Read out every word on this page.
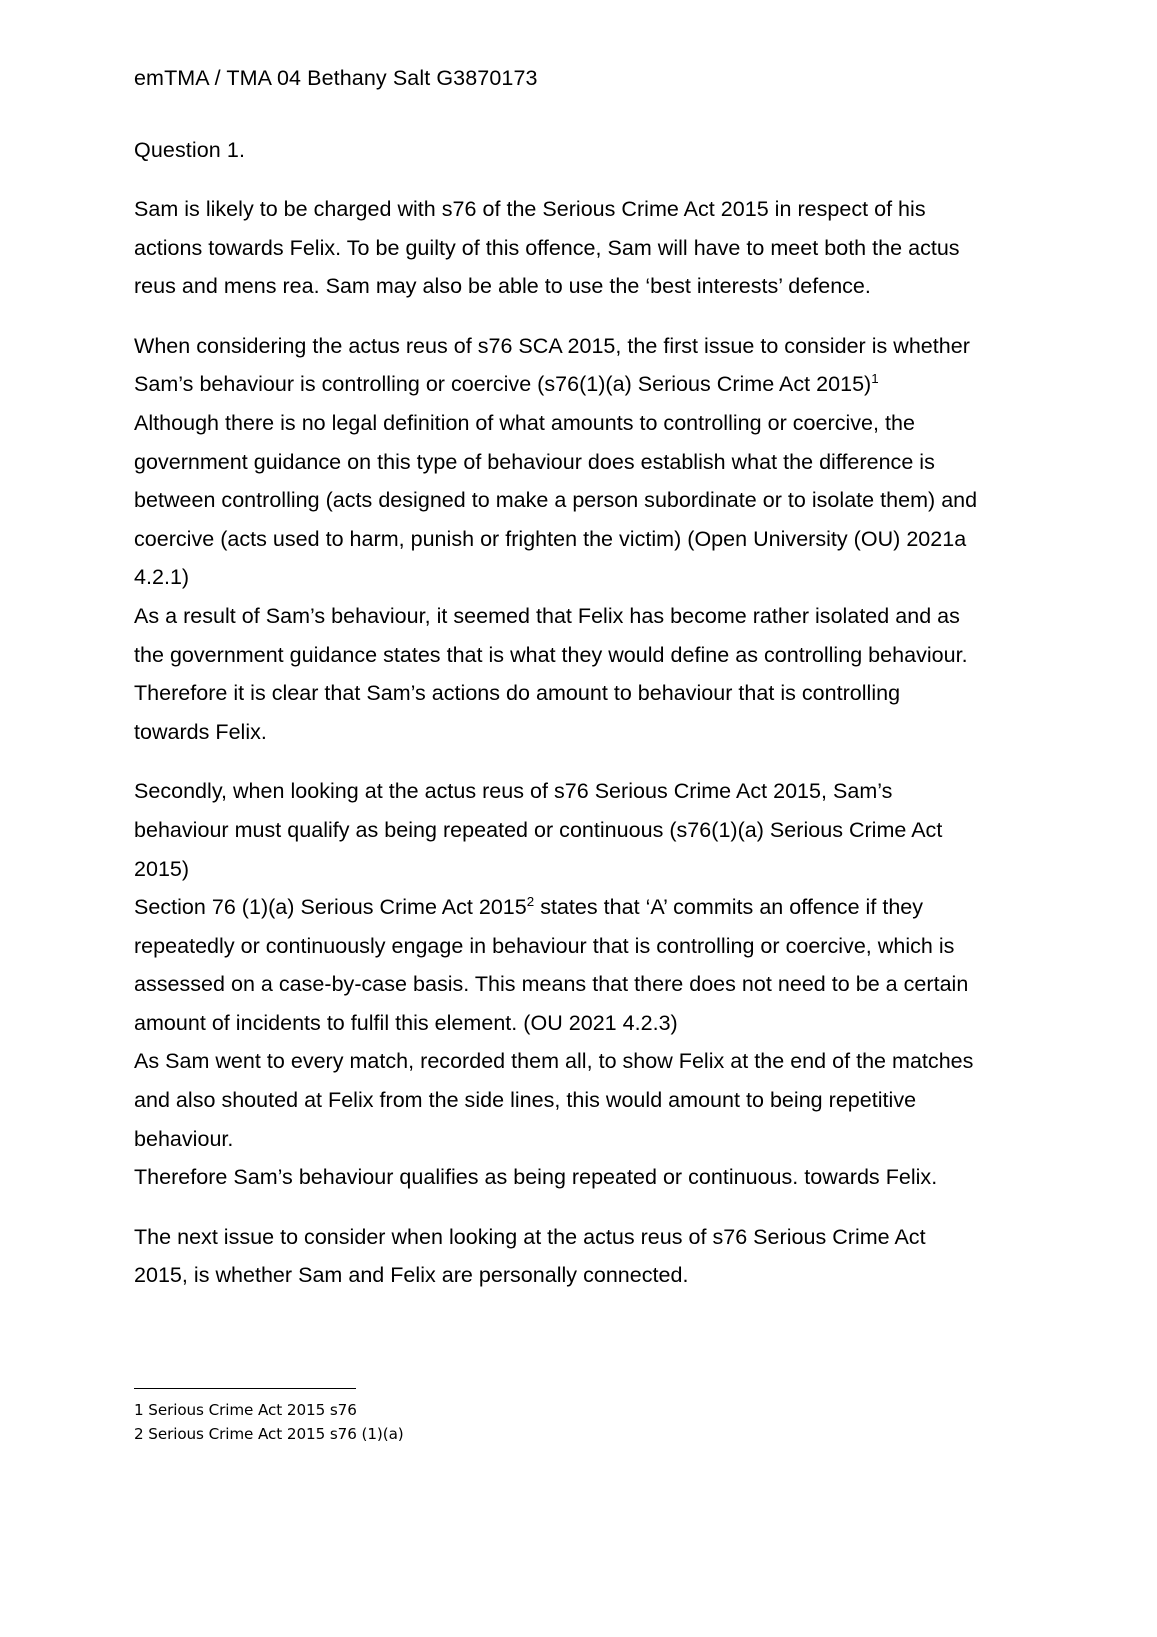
emTMA / TMA 04 Bethany Salt G3870173
Question 1.

Sam is likely to be charged with s76 of the Serious Crime Act 2015 in respect of his actions towards Felix. To be guilty of this offence, Sam will have to meet both the actus reus and mens rea. Sam may also be able to use the ‘best interests’ defence.

When considering the actus reus of s76 SCA 2015, the first issue to consider is whether Sam’s behaviour is controlling or coercive (s76(1)(a) Serious Crime Act 2015)$^1$

Although there is no legal definition of what amounts to controlling or coercive, the government guidance on this type of behaviour does establish what the difference is between controlling (acts designed to make a person subordinate or to isolate them) and coercive (acts used to harm, punish or frighten the victim) (Open University (OU) 2021a 4.2.1)

As a result of Sam’s behaviour, it seemed that Felix has become rather isolated and as the government guidance states that is what they would define as controlling behaviour.

Therefore it is clear that Sam’s actions do amount to behaviour that is controlling towards Felix.

Secondly, when looking at the actus reus of s76 Serious Crime Act 2015, Sam’s behaviour must qualify as being repeated or continuous (s76(1)(a) Serious Crime Act 2015)

Section 76 (1)(a) Serious Crime Act 2015$^2$ states that ‘A’ commits an offence if they repeatedly or continuously engage in behaviour that is controlling or coercive, which is assessed on a case-by-case basis. This means that there does not need to be a certain amount of incidents to fulfil this element. (OU 2021 4.2.3)

As Sam went to every match, recorded them all, to show Felix at the end of the matches and also shouted at Felix from the side lines, this would amount to being repetitive behaviour.

Therefore Sam’s behaviour qualifies as being repeated or continuous. towards Felix.

The next issue to consider when looking at the actus reus of s76 Serious Crime Act 2015, is whether Sam and Felix are personally connected.

1 Serious Crime Act 2015 s76

2 Serious Crime Act 2015 s76 (1)(a)
